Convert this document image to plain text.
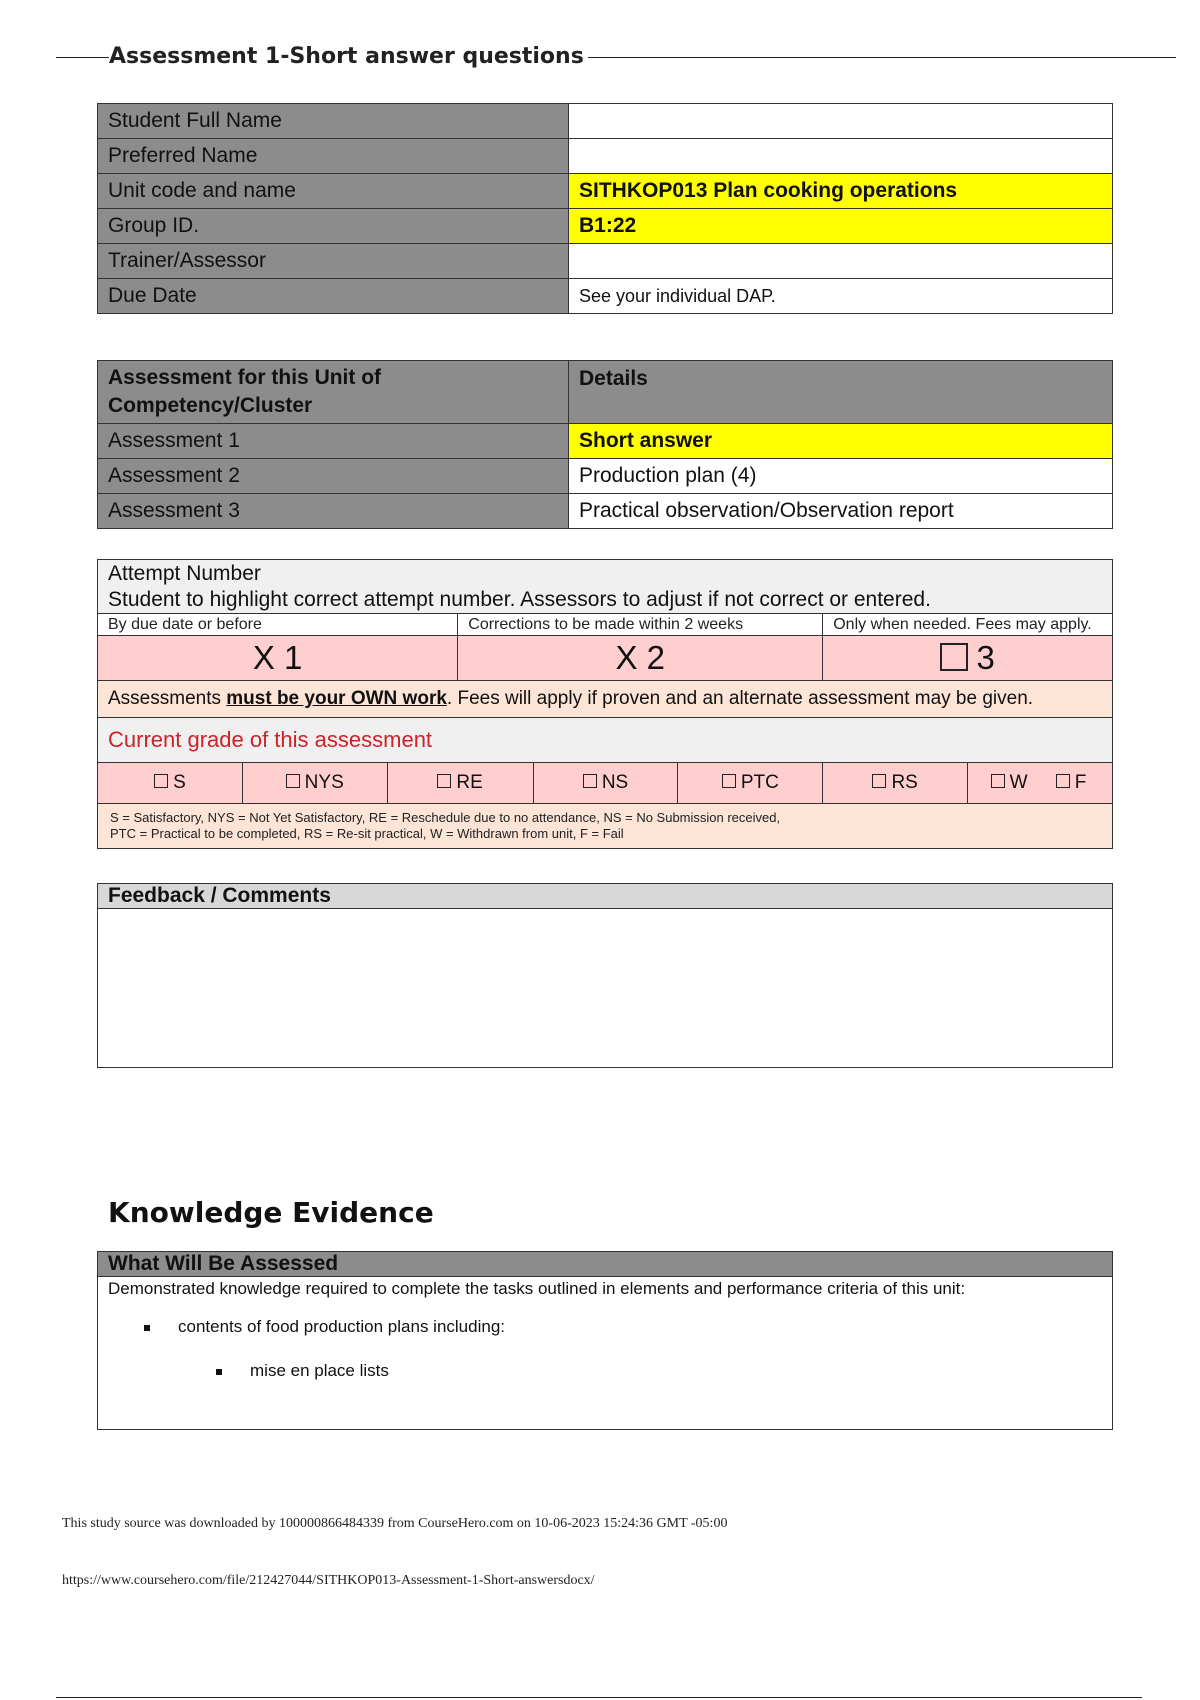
Assessment 1-Short answer questions
Student Full Name	
Preferred Name	
Unit code and name	SITHKOP013 Plan cooking operations
Group ID.	B1:22
Trainer/Assessor	
Due Date	See your individual DAP.
Assessment for this Unit of Competency/Cluster	Details
Assessment 1	Short answer
Assessment 2	Production plan (4)
Assessment 3	Practical observation/Observation report
Attempt Number
Student to highlight correct attempt number. Assessors to adjust if not correct or entered.							

By due date or before			Corrections to be made within 2 weeks			Only when needed. Fees may apply.	
X 1			X 2			3	
Assessments must be your OWN work. Fees will apply if proven and an alternate assessment may be given.							
Current grade of this assessment							
S	NYS	RE		NS	PTC	RS	W F

S = Satisfactory, NYS = Not Yet Satisfactory, RE = Reschedule due to no attendance, NS = No Submission received,
PTC = Practical to be completed, RS = Re-sit practical, W = Withdrawn from unit, F = Fail							
Feedback / Comments

Knowledge Evidence
What Will Be Assessed

Demonstrated knowledge required to complete the tasks outlined in elements and performance criteria of this unit:

contents of food production plans including:
mise en place lists

This study source was downloaded by 100000866484339 from CourseHero.com on 10-06-2023 15:24:36 GMT -05:00

https://www.coursehero.com/file/212427044/SITHKOP013-Assessment-1-Short-answersdocx/
